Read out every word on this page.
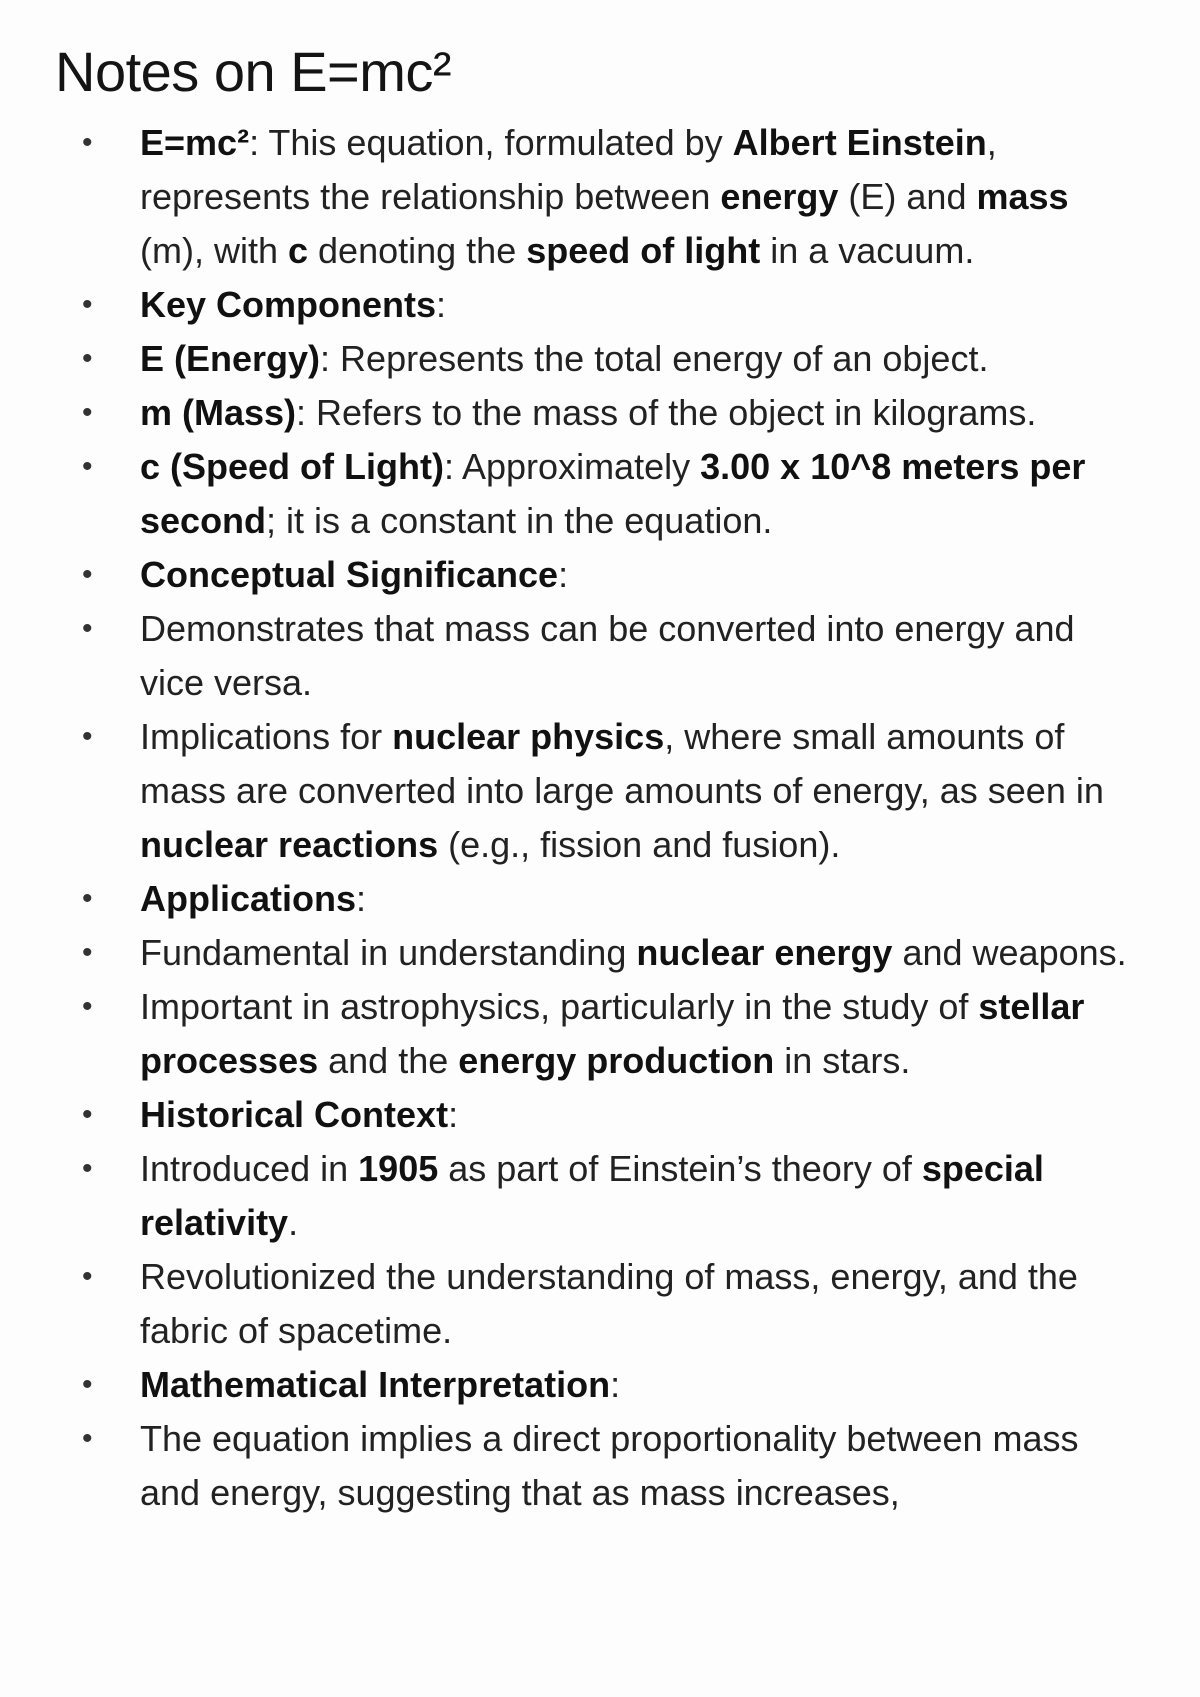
Notes on E=mc²
• E=mc²: This equation, formulated by Albert Einstein, represents the relationship between energy (E) and mass (m), with c denoting the speed of light in a vacuum.
• Key Components:
• E (Energy): Represents the total energy of an object.
• m (Mass): Refers to the mass of the object in kilograms.
• c (Speed of Light): Approximately 3.00 x 10^8 meters per second; it is a constant in the equation.
• Conceptual Significance:
• Demonstrates that mass can be converted into energy and vice versa.
• Implications for nuclear physics, where small amounts of mass are converted into large amounts of energy, as seen in nuclear reactions (e.g., fission and fusion).
• Applications:
• Fundamental in understanding nuclear energy and weapons.
• Important in astrophysics, particularly in the study of stellar processes and the energy production in stars.
• Historical Context:
• Introduced in 1905 as part of Einstein’s theory of special relativity.
• Revolutionized the understanding of mass, energy, and the fabric of spacetime.
• Mathematical Interpretation:
• The equation implies a direct proportionality between mass and energy, suggesting that as mass increases,
